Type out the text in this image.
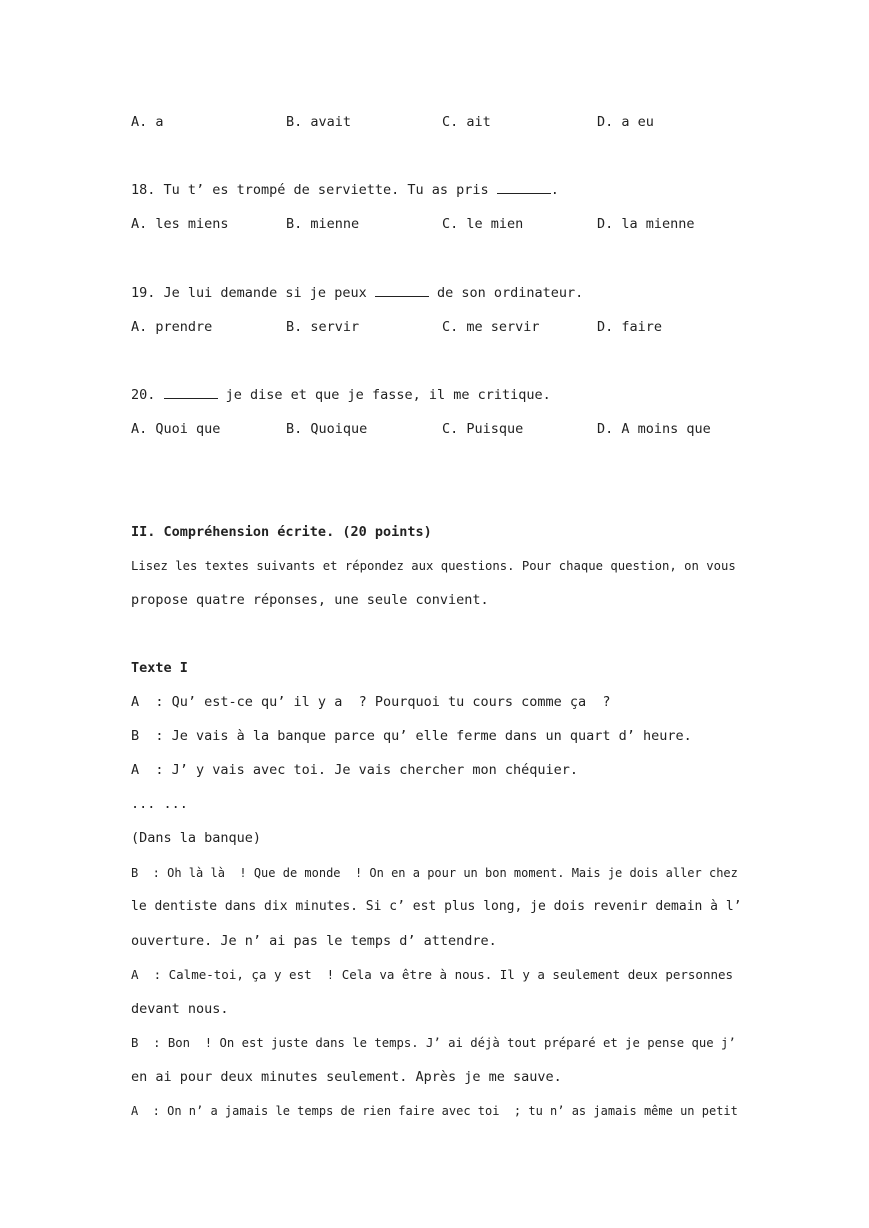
A. a	B. avait	C. ait	D. a eu
18. Tu t’ es trompé de serviette. Tu as pris	.
A. les miens	B. mienne	C. le mien	D. la mienne
19. Je lui demande si je peux	de son ordinateur.
A. prendre	B. servir	C. me servir	D. faire
20.	je dise et que je fasse, il me critique.
A. Quoi que	B. Quoique	C. Puisque	D. A moins que
II. Compréhension écrite. (20 points)
Lisez les textes suivants et répondez aux questions. Pour chaque question, on vous
propose quatre réponses, une seule convient.
Texte I
A  : Qu’ est-ce qu’ il y a  ? Pourquoi tu cours comme ça  ?
B  : Je vais à la banque parce qu’ elle ferme dans un quart d’ heure.
A  : J’ y vais avec toi. Je vais chercher mon chéquier.
... ...
(Dans la banque)
B  : Oh là là  ! Que de monde  ! On en a pour un bon moment. Mais je dois aller chez
le dentiste dans dix minutes. Si c’ est plus long, je dois revenir demain à l’
ouverture. Je n’ ai pas le temps d’ attendre.
A  : Calme-toi, ça y est  ! Cela va être à nous. Il y a seulement deux personnes
devant nous.
B  : Bon  ! On est juste dans le temps. J’ ai déjà tout préparé et je pense que j’
en ai pour deux minutes seulement. Après je me sauve.
A  : On n’ a jamais le temps de rien faire avec toi  ; tu n’ as jamais même un petit
